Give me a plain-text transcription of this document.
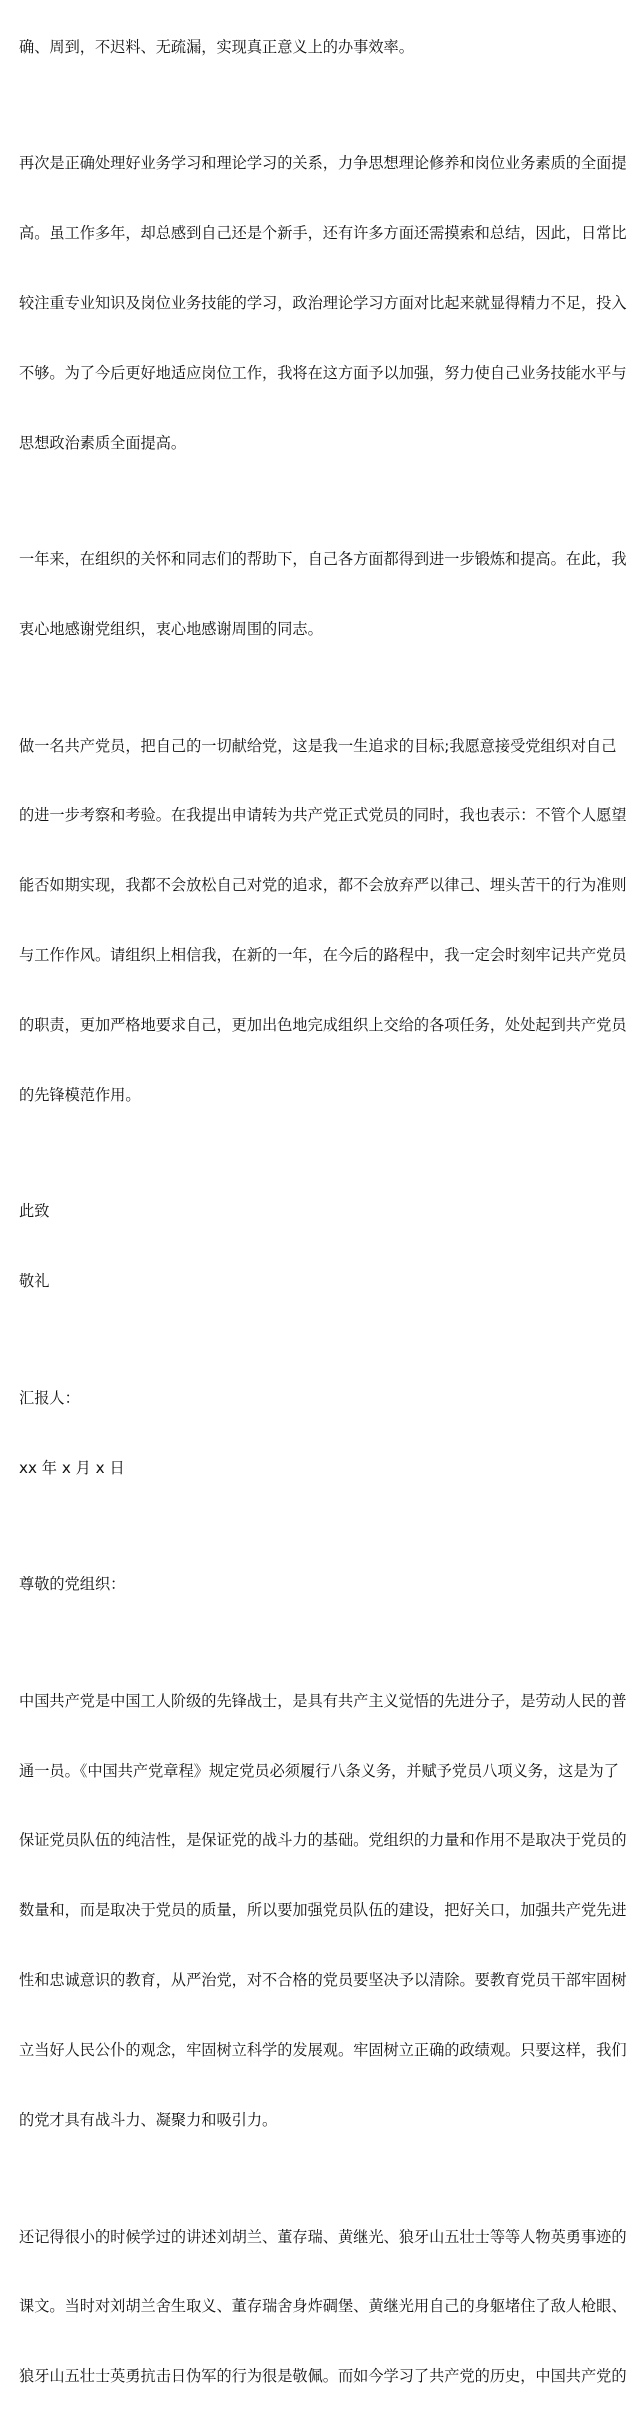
确、周到，不迟料、无疏漏，实现真正意义上的办事效率。

再次是正确处理好业务学习和理论学习的关系，力争思想理论修养和岗位业务素质的全面提

高。虽工作多年，却总感到自己还是个新手，还有许多方面还需摸索和总结，因此，日常比

较注重专业知识及岗位业务技能的学习，政治理论学习方面对比起来就显得精力不足，投入

不够。为了今后更好地适应岗位工作，我将在这方面予以加强，努力使自己业务技能水平与

思想政治素质全面提高。

一年来，在组织的关怀和同志们的帮助下，自己各方面都得到进一步锻炼和提高。在此，我

衷心地感谢党组织，衷心地感谢周围的同志。

做一名共产党员，把自己的一切献给党，这是我一生追求的目标;我愿意接受党组织对自己

的进一步考察和考验。在我提出申请转为共产党正式党员的同时，我也表示：不管个人愿望

能否如期实现，我都不会放松自己对党的追求，都不会放弃严以律己、埋头苦干的行为准则

与工作作风。请组织上相信我，在新的一年，在今后的路程中，我一定会时刻牢记共产党员

的职责，更加严格地要求自己，更加出色地完成组织上交给的各项任务，处处起到共产党员

的先锋模范作用。

此致

敬礼

汇报人：

xx 年 x 月 x 日

尊敬的党组织：

中国共产党是中国工人阶级的先锋战士，是具有共产主义觉悟的先进分子，是劳动人民的普

通一员。《中国共产党章程》规定党员必须履行八条义务，并赋予党员八项义务，这是为了

保证党员队伍的纯洁性，是保证党的战斗力的基础。党组织的力量和作用不是取决于党员的

数量和，而是取决于党员的质量，所以要加强党员队伍的建设，把好关口，加强共产党先进

性和忠诚意识的教育，从严治党，对不合格的党员要坚决予以清除。要教育党员干部牢固树

立当好人民公仆的观念，牢固树立科学的发展观。牢固树立正确的政绩观。只要这样，我们

的党才具有战斗力、凝聚力和吸引力。

还记得很小的时候学过的讲述刘胡兰、董存瑞、黄继光、狼牙山五壮士等等人物英勇事迹的

课文。当时对刘胡兰舍生取义、董存瑞舍身炸碉堡、黄继光用自己的身躯堵住了敌人枪眼、

狼牙山五壮士英勇抗击日伪军的行为很是敬佩。而如今学习了共产党的历史，中国共产党的
